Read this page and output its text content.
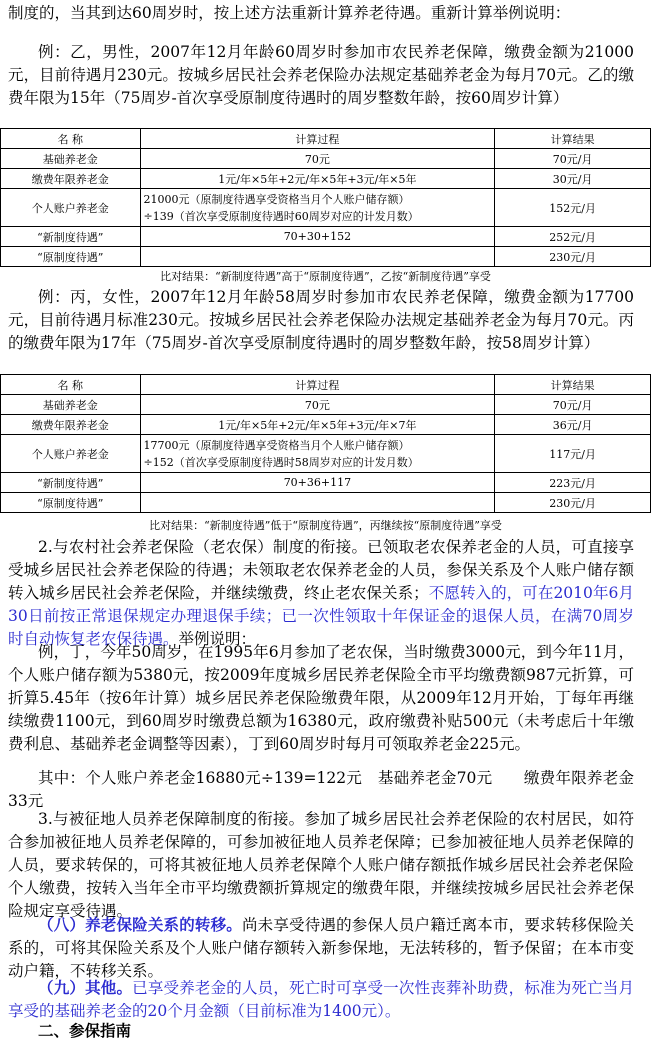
制度的，当其到达60周岁时，按上述方法重新计算养老待遇。重新计算举例说明：

例：乙，男性，2007年12月年龄60周岁时参加市农民养老保障，缴费金额为21000元，目前待遇月230元。按城乡居民社会养老保险办法规定基础养老金为每月70元。乙的缴费年限为15年（75周岁-首次享受原制度待遇时的周岁整数年龄，按60周岁计算）

名 称	计算过程	计算结果
基础养老金	70元	70元/月
缴费年限养老金	1元/年×5年+2元/年×5年+3元/年×5年	30元/月
个人账户养老金	21000元（原制度待遇享受资格当月个人账户储存额）
÷139（首次享受原制度待遇时60周岁对应的计发月数）	152元/月
“新制度待遇”	70+30+152	252元/月
“原制度待遇”		230元/月
比对结果：“新制度待遇”高于“原制度待遇”，乙按“新制度待遇”享受

例：丙，女性，2007年12月年龄58周岁时参加市农民养老保障，缴费金额为17700元，目前待遇月标准230元。按城乡居民社会养老保险办法规定基础养老金为每月70元。丙的缴费年限为17年（75周岁-首次享受原制度待遇时的周岁整数年龄，按58周岁计算）

名 称	计算过程	计算结果
基础养老金	70元	70元/月
缴费年限养老金	1元/年×5年+2元/年×5年+3元/年×7年	36元/月
个人账户养老金	17700元（原制度待遇享受资格当月个人账户储存额）
÷152（首次享受原制度待遇时58周岁对应的计发月数）	117元/月
“新制度待遇”	70+36+117	223元/月
“原制度待遇”		230元/月
比对结果：“新制度待遇”低于“原制度待遇”，丙继续按“原制度待遇”享受

2.与农村社会养老保险（老农保）制度的衔接。已领取老农保养老金的人员，可直接享受城乡居民社会养老保险的待遇；未领取老农保养老金的人员，参保关系及个人账户储存额转入城乡居民社会养老保险，并继续缴费，终止老农保关系；不愿转入的，可在2010年6月30日前按正常退保规定办理退保手续；已一次性领取十年保证金的退保人员，在满70周岁时自动恢复老农保待遇。举例说明：

例，丁，今年50周岁，在1995年6月参加了老农保，当时缴费3000元，到今年11月，个人账户储存额为5380元，按2009年度城乡居民养老保险全市平均缴费额987元折算，可折算5.45年（按6年计算）城乡居民养老保险缴费年限，从2009年12月开始，丁每年再继续缴费1100元，到60周岁时缴费总额为16380元，政府缴费补贴500元（未考虑后十年缴费利息、基础养老金调整等因素），丁到60周岁时每月可领取养老金225元。

其中：个人账户养老金16880元÷139=122元　基础养老金70元　　缴费年限养老金33元

3.与被征地人员养老保障制度的衔接。参加了城乡居民社会养老保险的农村居民，如符合参加被征地人员养老保障的，可参加被征地人员养老保障；已参加被征地人员养老保障的人员，要求转保的，可将其被征地人员养老保障个人账户储存额抵作城乡居民社会养老保险个人缴费，按转入当年全市平均缴费额折算规定的缴费年限，并继续按城乡居民社会养老保险规定享受待遇。

（八）养老保险关系的转移。尚未享受待遇的参保人员户籍迁离本市，要求转移保险关系的，可将其保险关系及个人账户储存额转入新参保地，无法转移的，暂予保留；在本市变动户籍，不转移关系。

（九）其他。已享受养老金的人员，死亡时可享受一次性丧葬补助费，标准为死亡当月享受的基础养老金的20个月金额（目前标准为1400元）。

二、参保指南
